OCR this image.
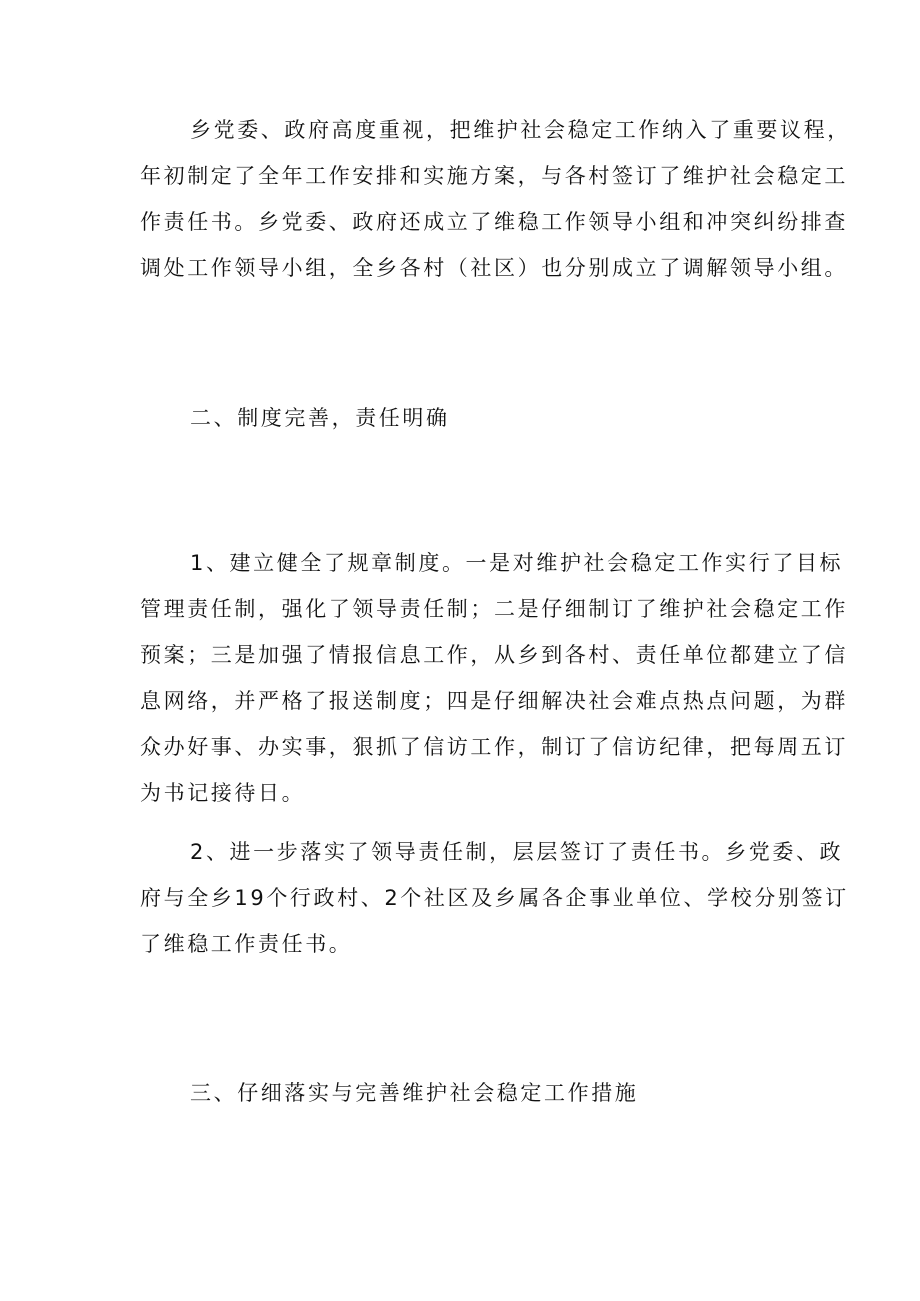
乡党委、政府高度重视，把维护社会稳定工作纳入了重要议程，
年初制定了全年工作安排和实施方案，与各村签订了维护社会稳定工
作责任书。乡党委、政府还成立了维稳工作领导小组和冲突纠纷排查
调处工作领导小组，全乡各村（社区）也分别成立了调解领导小组。
二、制度完善，责任明确
1、建立健全了规章制度。一是对维护社会稳定工作实行了目标
管理责任制，强化了领导责任制；二是仔细制订了维护社会稳定工作
预案；三是加强了情报信息工作，从乡到各村、责任单位都建立了信
息网络，并严格了报送制度；四是仔细解决社会难点热点问题，为群
众办好事、办实事，狠抓了信访工作，制订了信访纪律，把每周五订
为书记接待日。
2、进一步落实了领导责任制，层层签订了责任书。乡党委、政
府与全乡19个行政村、2个社区及乡属各企事业单位、学校分别签订
了维稳工作责任书。
三、仔细落实与完善维护社会稳定工作措施
